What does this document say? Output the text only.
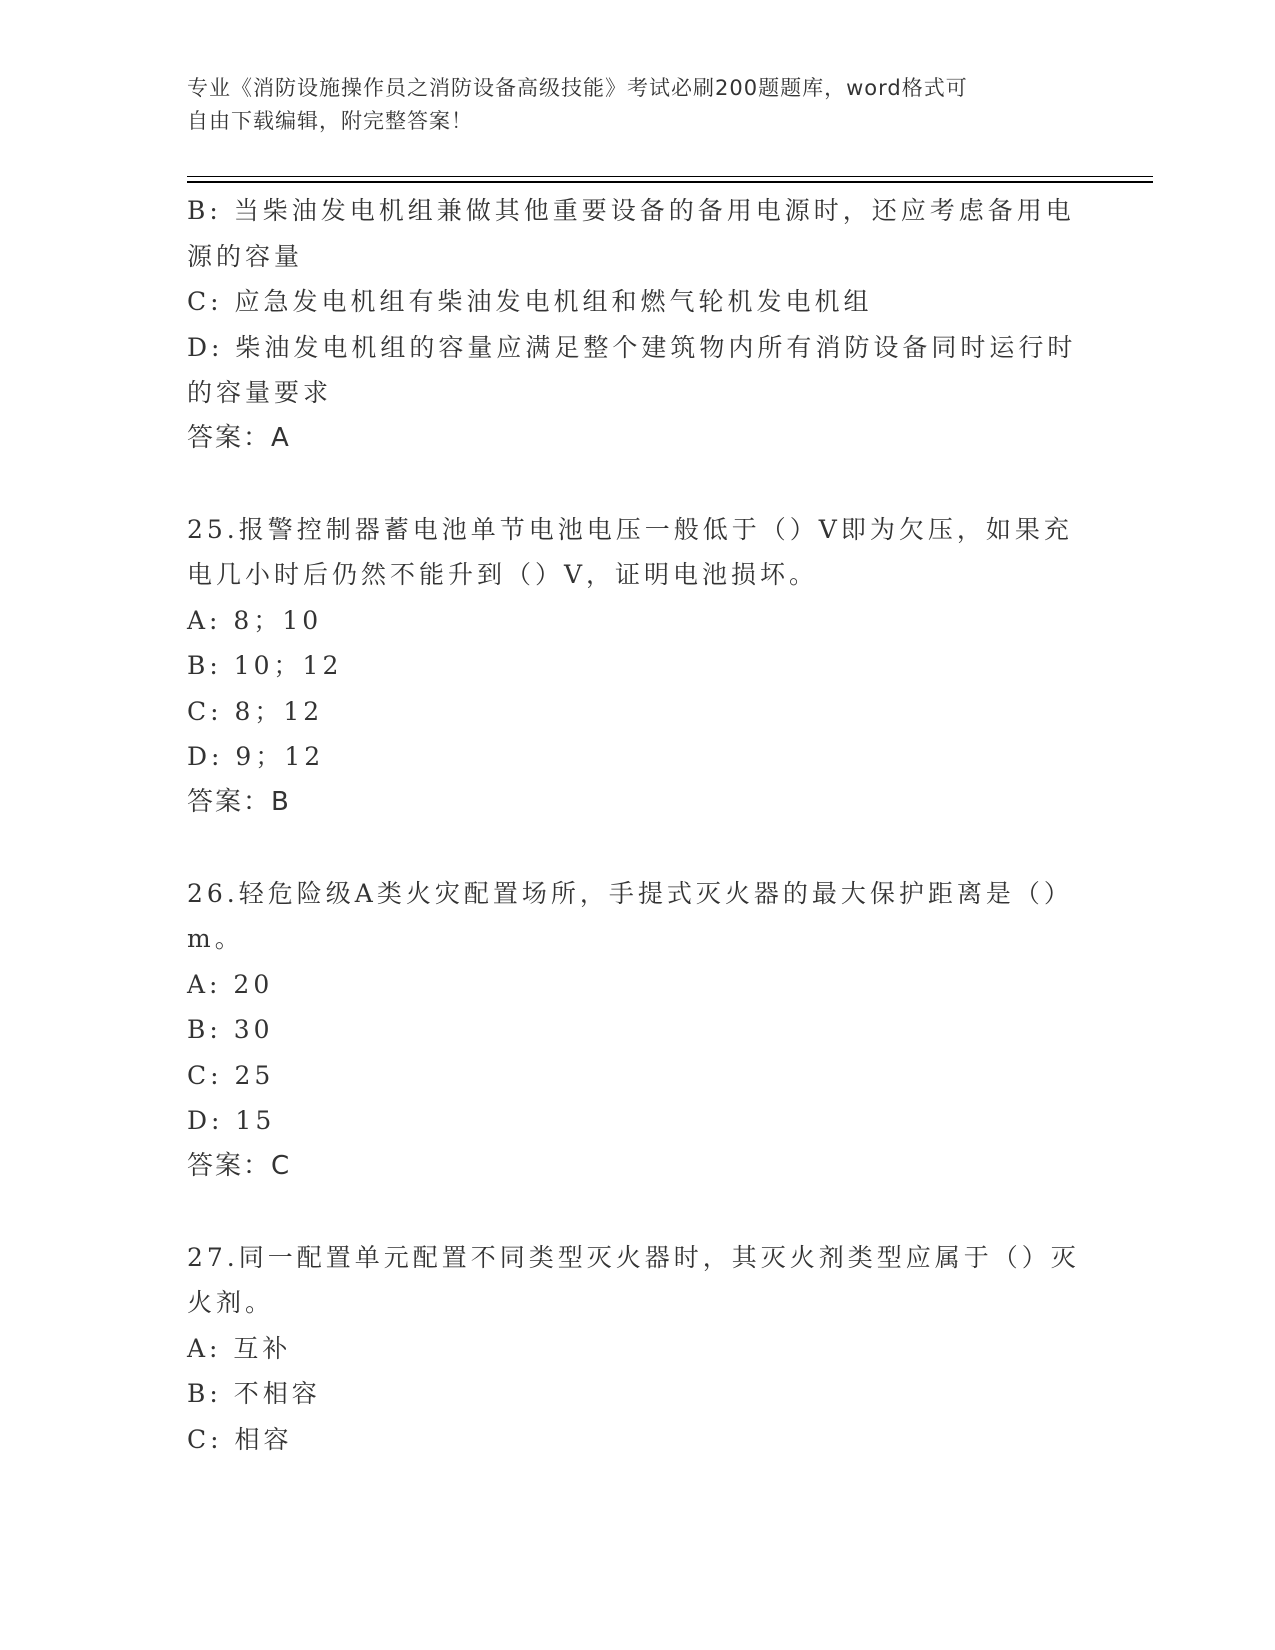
专业《消防设施操作员之消防设备高级技能》考试必刷200题题库，word格式可
自由下载编辑，附完整答案！

B: 当柴油发电机组兼做其他重要设备的备用电源时，还应考虑备用电

源的容量

C: 应急发电机组有柴油发电机组和燃气轮机发电机组

D: 柴油发电机组的容量应满足整个建筑物内所有消防设备同时运行时

的容量要求

答案：A

25.报警控制器蓄电池单节电池电压一般低于（）V即为欠压，如果充

电几小时后仍然不能升到（）V，证明电池损坏。

A: 8；10

B: 10；12

C: 8；12

D: 9；12

答案：B

26.轻危险级A类火灾配置场所，手提式灭火器的最大保护距离是（）

m。

A: 20

B: 30

C: 25

D: 15

答案：C

27.同一配置单元配置不同类型灭火器时，其灭火剂类型应属于（）灭

火剂。

A: 互补

B: 不相容

C: 相容
